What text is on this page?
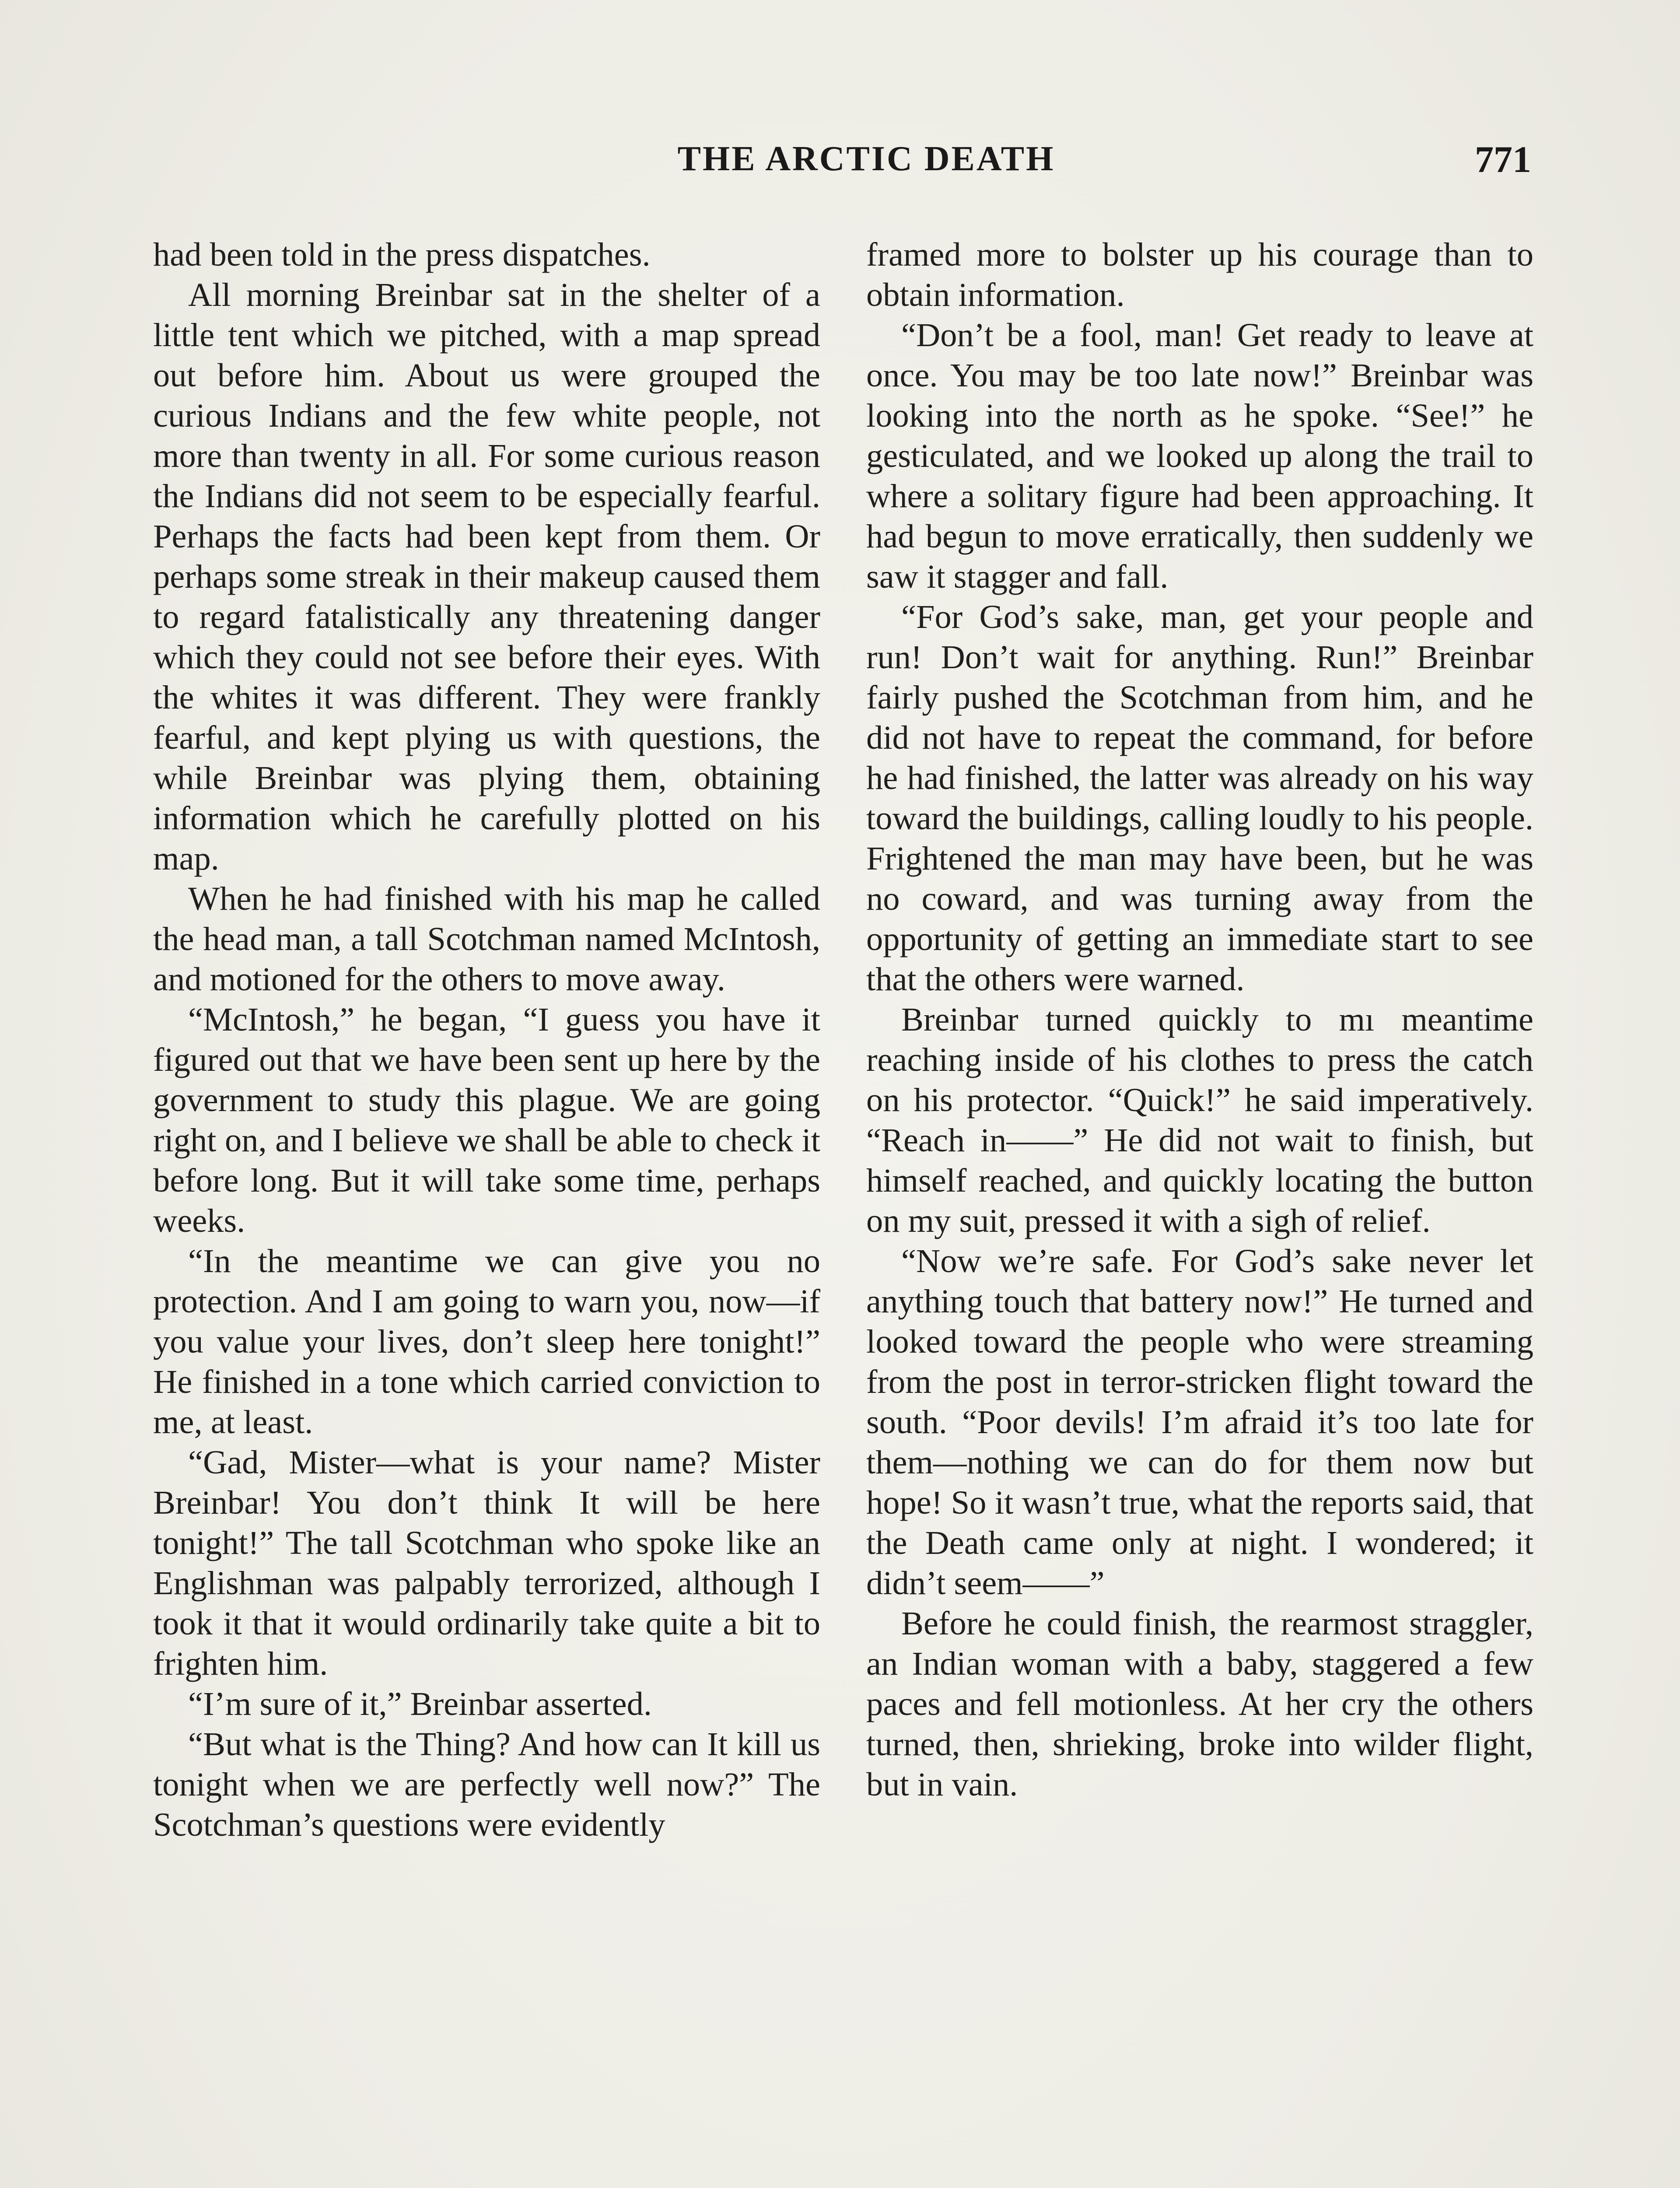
THE ARCTIC DEATH	771

had been told in the press dispatches.

All morning Breinbar sat in the shelter of a little tent which we pitched, with a map spread out before him. About us were grouped the curious Indians and the few white people, not more than twenty in all. For some curious reason the Indians did not seem to be especially fearful. Perhaps the facts had been kept from them. Or perhaps some streak in their makeup caused them to regard fatalistically any threatening danger which they could not see before their eyes. With the whites it was different. They were frankly fearful, and kept plying us with questions, the while Breinbar was plying them, obtaining information which he carefully plotted on his map.

When he had finished with his map he called the head man, a tall Scotchman named McIntosh, and motioned for the others to move away.

“McIntosh,” he began, “I guess you have it figured out that we have been sent up here by the government to study this plague. We are going right on, and I believe we shall be able to check it before long. But it will take some time, perhaps weeks.

“In the meantime we can give you no protection. And I am going to warn you, now—if you value your lives, don’t sleep here tonight!” He finished in a tone which carried conviction to me, at least.

“Gad, Mister—what is your name? Mister Breinbar! You don’t think It will be here tonight!” The tall Scotchman who spoke like an Englishman was palpably terrorized, although I took it that it would ordinarily take quite a bit to frighten him.

“I’m sure of it,” Breinbar asserted.

“But what is the Thing? And how can It kill us tonight when we are perfectly well now?” The Scotchman’s questions were evidently

framed more to bolster up his courage than to obtain information.

“Don’t be a fool, man! Get ready to leave at once. You may be too late now!” Breinbar was looking into the north as he spoke. “See!” he gesticulated, and we looked up along the trail to where a solitary figure had been approaching. It had begun to move erratically, then suddenly we saw it stagger and fall.

“For God’s sake, man, get your people and run! Don’t wait for anything. Run!” Breinbar fairly pushed the Scotchman from him, and he did not have to repeat the command, for before he had finished, the latter was already on his way toward the buildings, calling loudly to his people. Frightened the man may have been, but he was no coward, and was turning away from the opportunity of getting an immediate start to see that the others were warned.

Breinbar turned quickly to mı meantime reaching inside of his clothes to press the catch on his protector. “Quick!” he said imperatively. “Reach in——” He did not wait to finish, but himself reached, and quickly locating the button on my suit, pressed it with a sigh of relief.

“Now we’re safe. For God’s sake never let anything touch that battery now!” He turned and looked toward the people who were streaming from the post in terror-stricken flight toward the south. “Poor devils! I’m afraid it’s too late for them—nothing we can do for them now but hope! So it wasn’t true, what the reports said, that the Death came only at night. I wondered; it didn’t seem——”

Before he could finish, the rearmost straggler, an Indian woman with a baby, staggered a few paces and fell motionless. At her cry the others turned, then, shrieking, broke into wilder flight, but in vain.
